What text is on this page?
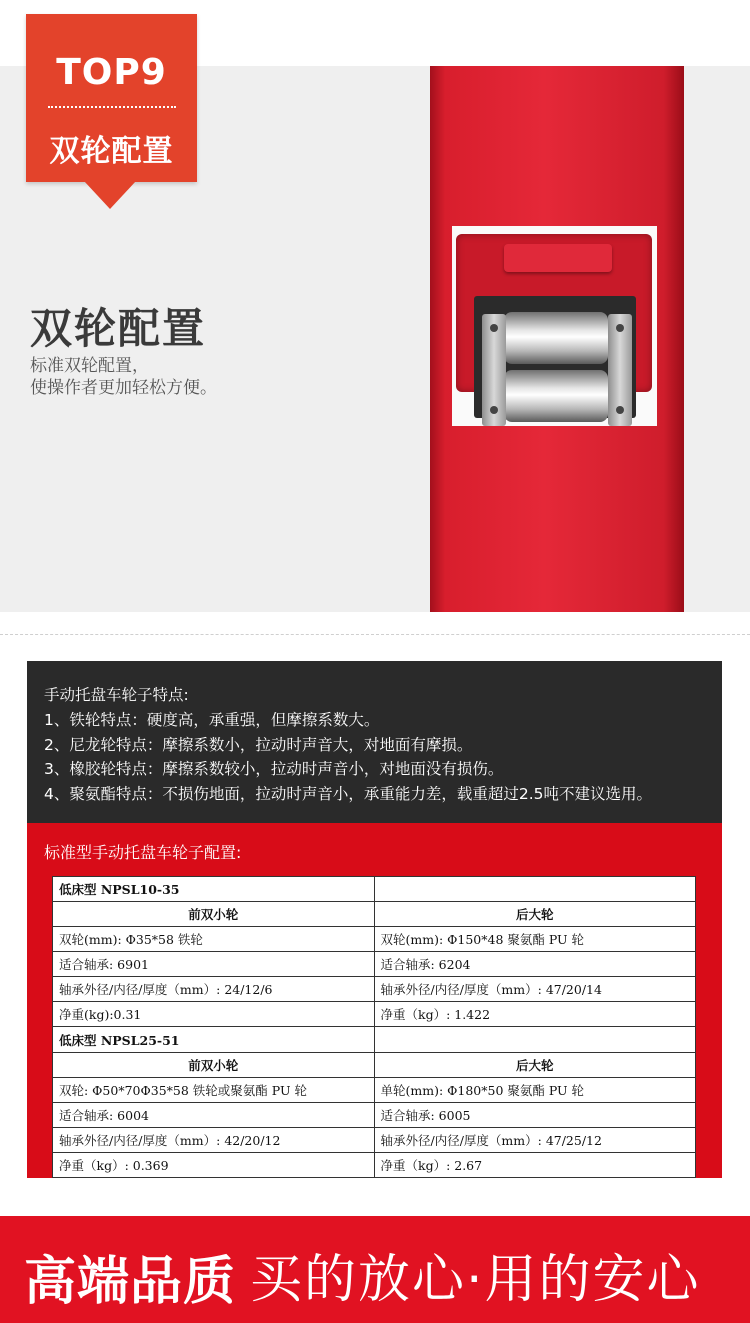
TOP9
双轮配置
双轮配置
标准双轮配置，
使操作者更加轻松方便。
手动托盘车轮子特点:
1、铁轮特点：硬度高，承重强，但摩擦系数大。
2、尼龙轮特点：摩擦系数小，拉动时声音大，对地面有摩损。
3、橡胶轮特点：摩擦系数较小，拉动时声音小，对地面没有损伤。
4、聚氨酯特点：不损伤地面，拉动时声音小，承重能力差，载重超过2.5吨不建议选用。
标准型手动托盘车轮子配置:
低床型 NPSL10-35	
前双小轮	后大轮
双轮(mm): Φ35*58 铁轮	双轮(mm): Φ150*48 聚氨酯 PU 轮
适合轴承: 6901	适合轴承: 6204
轴承外径/内径/厚度（mm）: 24/12/6	轴承外径/内径/厚度（mm）: 47/20/14
净重(kg):0.31	净重（kg）: 1.422
低床型 NPSL25-51	
前双小轮	后大轮
双轮: Φ50*70Φ35*58 铁轮或聚氨酯 PU 轮	单轮(mm): Φ180*50 聚氨酯 PU 轮
适合轴承: 6004	适合轴承: 6005
轴承外径/内径/厚度（mm）: 42/20/12	轴承外径/内径/厚度（mm）: 47/25/12
净重（kg）: 0.369	净重（kg）: 2.67
高端品质 买的放心·用的安心
